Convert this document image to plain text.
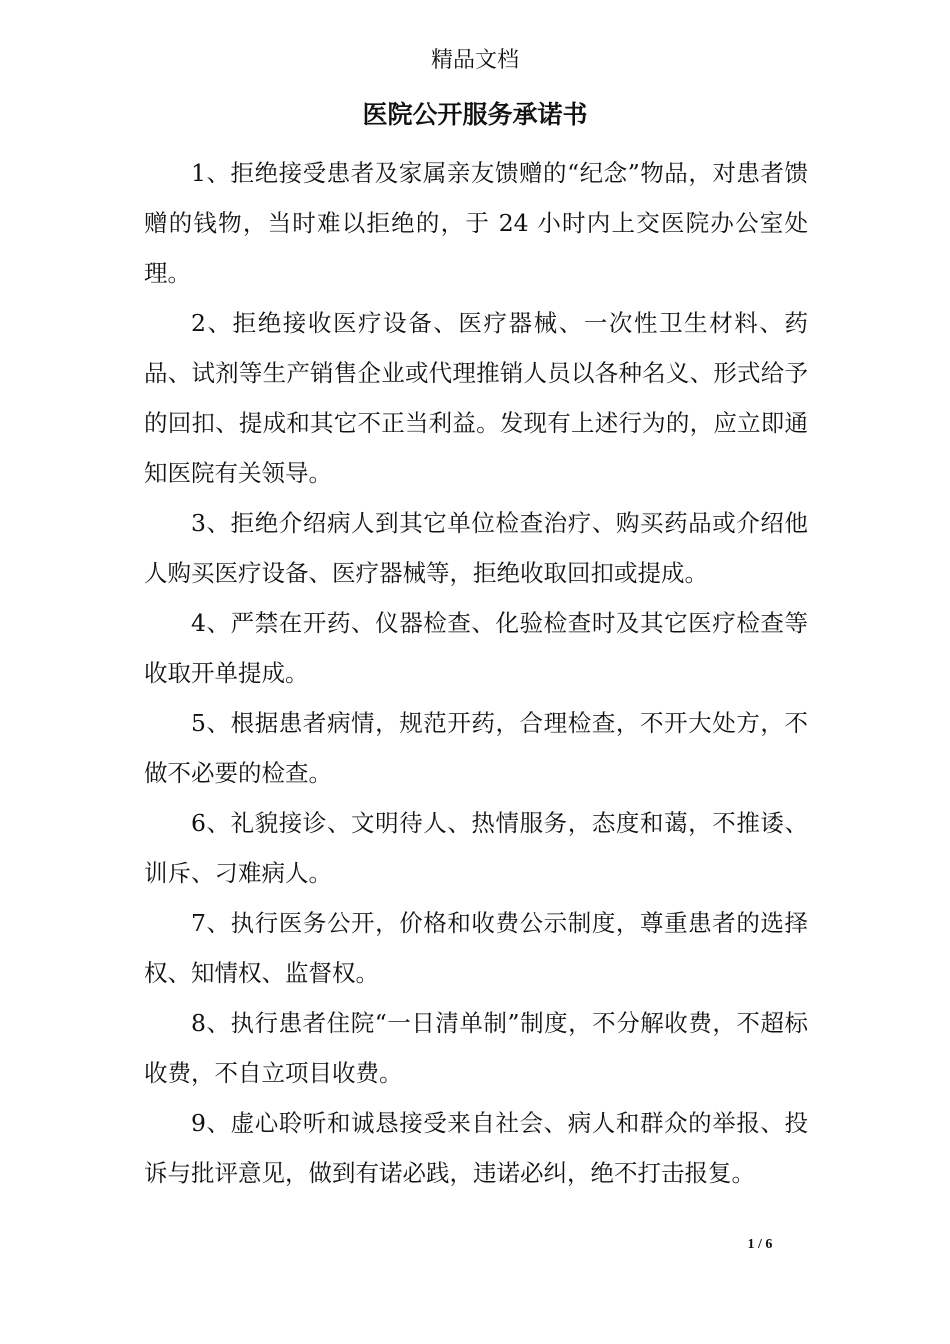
精品文档
医院公开服务承诺书

1、拒绝接受患者及家属亲友馈赠的“纪念”物品，对患者馈赠的钱物，当时难以拒绝的，于 24 小时内上交医院办公室处理。

2、拒绝接收医疗设备、医疗器械、一次性卫生材料、药品、试剂等生产销售企业或代理推销人员以各种名义、形式给予的回扣、提成和其它不正当利益。发现有上述行为的，应立即通知医院有关领导。

3、拒绝介绍病人到其它单位检查治疗、购买药品或介绍他人购买医疗设备、医疗器械等，拒绝收取回扣或提成。

4、严禁在开药、仪器检查、化验检查时及其它医疗检查等收取开单提成。

5、根据患者病情，规范开药，合理检查，不开大处方，不做不必要的检查。

6、礼貌接诊、文明待人、热情服务，态度和蔼，不推诿、训斥、刁难病人。

7、执行医务公开，价格和收费公示制度，尊重患者的选择权、知情权、监督权。

8、执行患者住院“一日清单制”制度，不分解收费，不超标收费，不自立项目收费。

9、虚心聆听和诚恳接受来自社会、病人和群众的举报、投诉与批评意见，做到有诺必践，违诺必纠，绝不打击报复。

1 / 6
